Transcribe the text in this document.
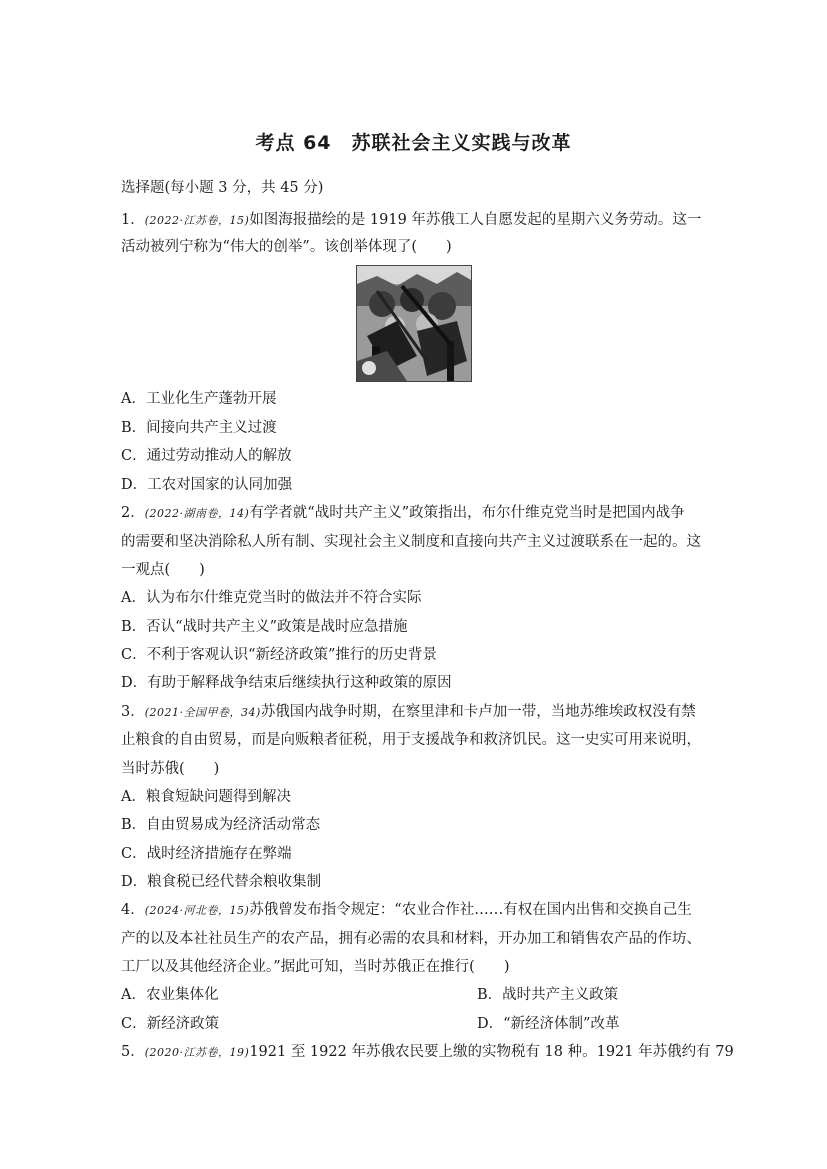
考点 64　苏联社会主义实践与改革
选择题(每小题 3 分，共 45 分)
1．(2022·江苏卷，15)如图海报描绘的是 1919 年苏俄工人自愿发起的星期六义务劳动。这一
活动被列宁称为“伟大的创举”。该创举体现了(　　)
A．工业化生产蓬勃开展
B．间接向共产主义过渡
C．通过劳动推动人的解放
D．工农对国家的认同加强
2．(2022·湖南卷，14)有学者就“战时共产主义”政策指出，布尔什维克党当时是把国内战争
的需要和坚决消除私人所有制、实现社会主义制度和直接向共产主义过渡联系在一起的。这
一观点(　　)
A．认为布尔什维克党当时的做法并不符合实际
B．否认“战时共产主义”政策是战时应急措施
C．不利于客观认识“新经济政策”推行的历史背景
D．有助于解释战争结束后继续执行这种政策的原因
3．(2021·全国甲卷，34)苏俄国内战争时期，在察里津和卡卢加一带，当地苏维埃政权没有禁
止粮食的自由贸易，而是向贩粮者征税，用于支援战争和救济饥民。这一史实可用来说明，
当时苏俄(　　)
A．粮食短缺问题得到解决
B．自由贸易成为经济活动常态
C．战时经济措施存在弊端
D．粮食税已经代替余粮收集制
4．(2024·河北卷，15)苏俄曾发布指令规定：“农业合作社……有权在国内出售和交换自己生
产的以及本社社员生产的农产品，拥有必需的农具和材料，开办加工和销售农产品的作坊、
工厂以及其他经济企业。”据此可知，当时苏俄正在推行(　　)
A．农业集体化	B．战时共产主义政策
C．新经济政策	D．“新经济体制”改革
5．(2020·江苏卷，19)1921 至 1922 年苏俄农民要上缴的实物税有 18 种。1921 年苏俄约有 79
